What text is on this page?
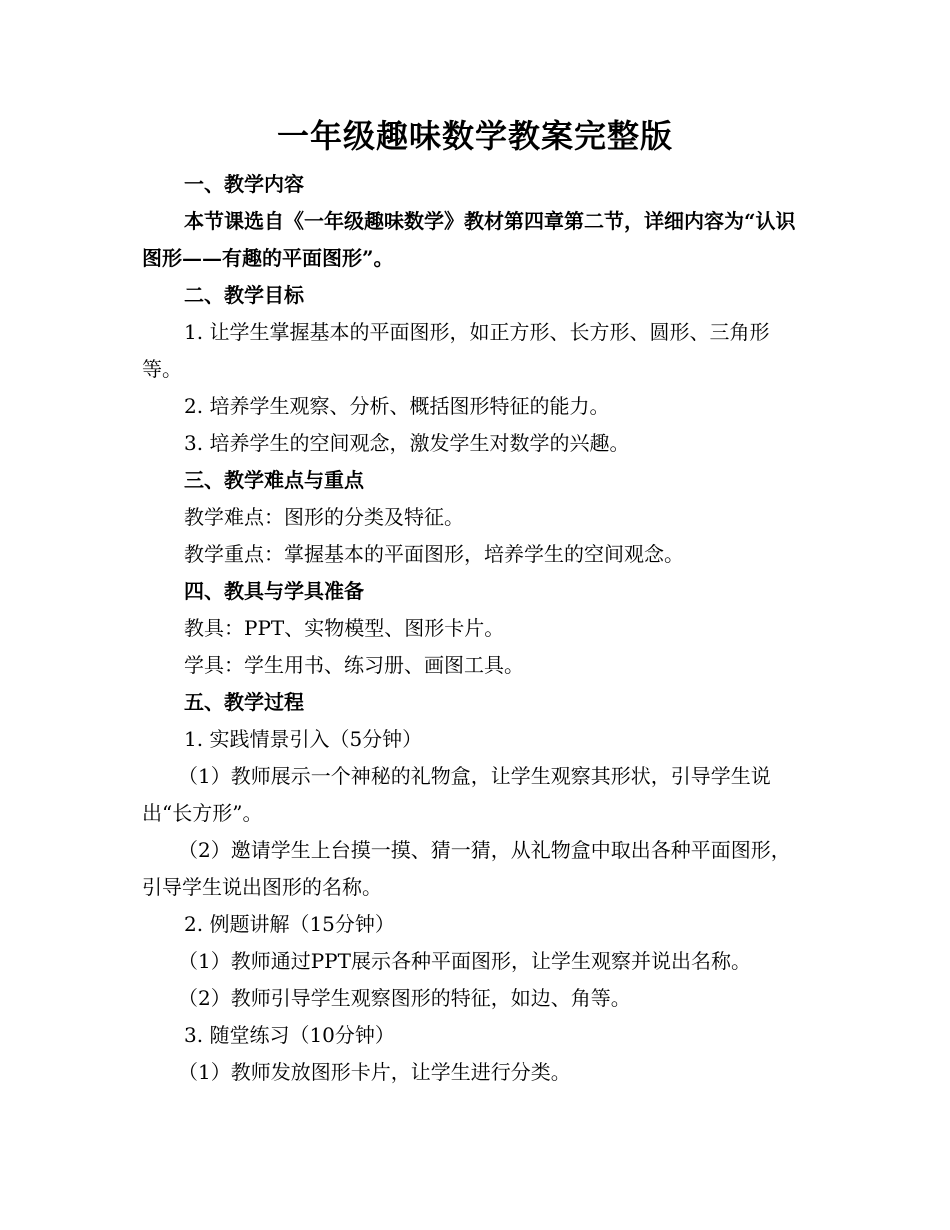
一年级趣味数学教案完整版

一、教学内容

本节课选自《一年级趣味数学》教材第四章第二节，详细内容为“认识图形——有趣的平面图形”。

二、教学目标

1. 让学生掌握基本的平面图形，如正方形、长方形、圆形、三角形等。

2. 培养学生观察、分析、概括图形特征的能力。

3. 培养学生的空间观念，激发学生对数学的兴趣。

三、教学难点与重点

教学难点：图形的分类及特征。

教学重点：掌握基本的平面图形，培养学生的空间观念。

四、教具与学具准备

教具：PPT、实物模型、图形卡片。

学具：学生用书、练习册、画图工具。

五、教学过程

1. 实践情景引入（5分钟）

（1）教师展示一个神秘的礼物盒，让学生观察其形状，引导学生说出“长方形”。

（2）邀请学生上台摸一摸、猜一猜，从礼物盒中取出各种平面图形，引导学生说出图形的名称。

2. 例题讲解（15分钟）

（1）教师通过PPT展示各种平面图形，让学生观察并说出名称。

（2）教师引导学生观察图形的特征，如边、角等。

3. 随堂练习（10分钟）

（1）教师发放图形卡片，让学生进行分类。
